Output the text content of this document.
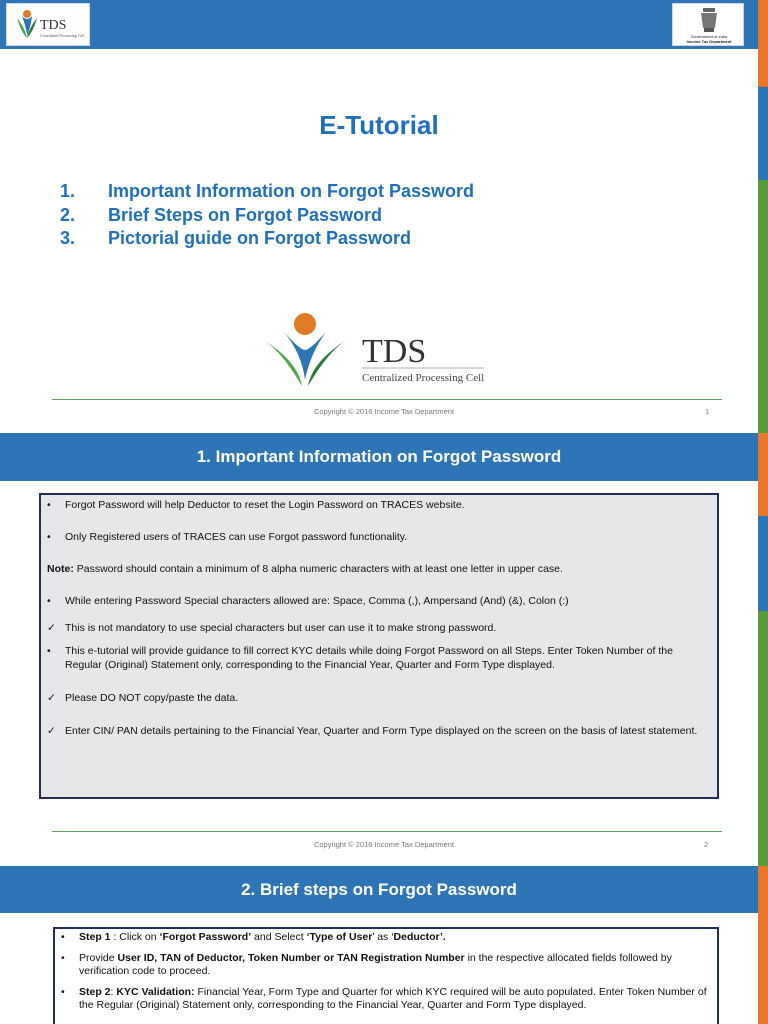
TDS
Centralized Processing Cell	Government of India
Income Tax Department
E-Tutorial
1.	Important Information on Forgot Password
2.	Brief Steps on Forgot Password
3.	Pictorial guide on Forgot Password
TDS
Centralized Processing Cell
Copyright © 2016 Income Tax Department	1
1. Important Information on Forgot Password
•	Forgot Password will help Deductor to reset the Login Password on TRACES website.
•	Only Registered users of TRACES can use Forgot password functionality.
Note: Password should contain a minimum of 8 alpha numeric characters with at least one letter in upper case.
•	While entering Password Special characters allowed are: Space, Comma (,), Ampersand (And) (&), Colon (:)
✓ This is not mandatory to use special characters but user can use it to make strong password.
•	This e-tutorial will provide guidance to fill correct KYC details while doing Forgot Password on all Steps. Enter Token Number of the Regular (Original) Statement only, corresponding to the Financial Year, Quarter and Form Type displayed.
✓ Please DO NOT copy/paste the data.
✓ Enter CIN/ PAN details pertaining to the Financial Year, Quarter and Form Type displayed on the screen on the basis of latest statement.
Copyright © 2016 Income Tax Department	2
2. Brief steps on Forgot Password
•	Step 1 : Click on ‘Forgot Password’ and Select ‘Type of User’ as ‘Deductor’.
•	Provide User ID, TAN of Deductor, Token Number or TAN Registration Number in the respective allocated fields followed by verification code to proceed.
•	Step 2: KYC Validation: Financial Year, Form Type and Quarter for which KYC required will be auto populated. Enter Token Number of the Regular (Original) Statement only, corresponding to the Financial Year, Quarter and Form Type displayed.
